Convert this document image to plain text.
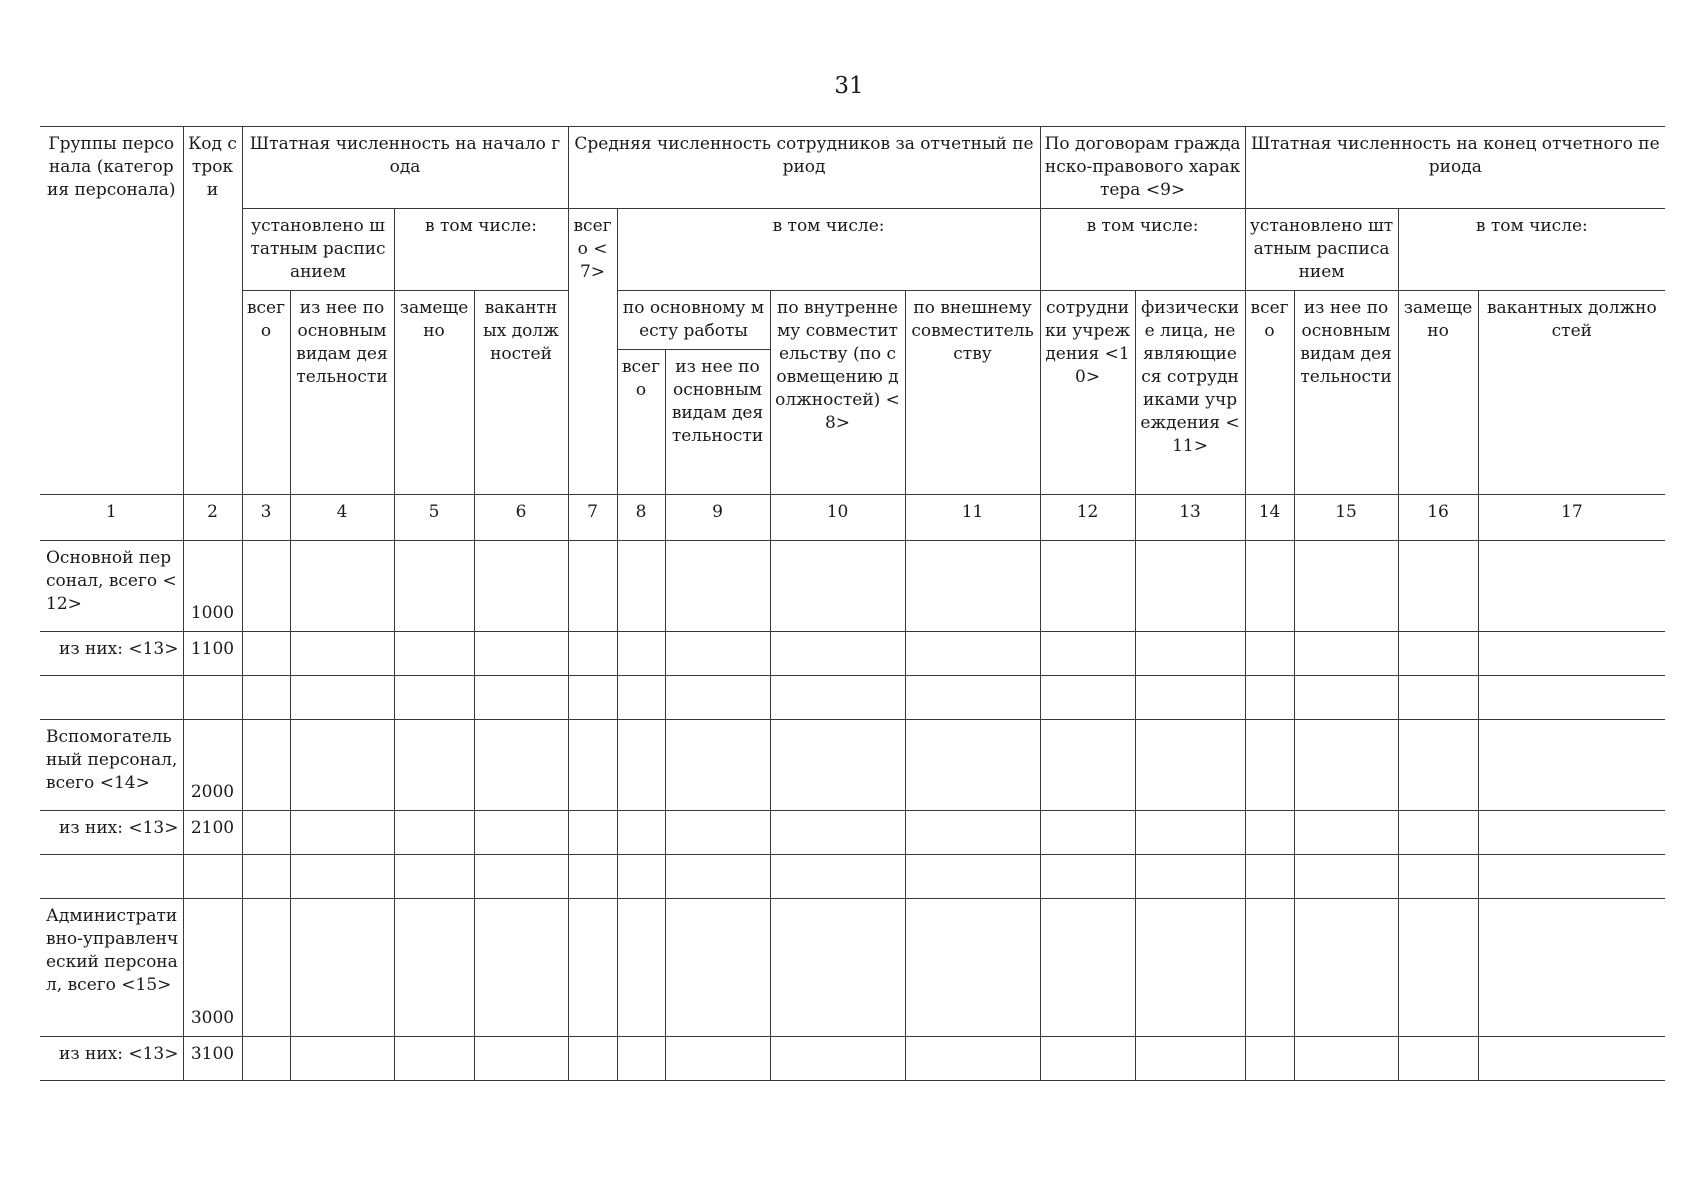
31
Группы персонала (категория персонала)	Код строки	Штатная численность на начало года				Средняя численность сотрудников за отчетный период					По договорам гражданско-правового характера <9>		Штатная численность на конец отчетного периода			
		установлено штатным расписанием		в том числе:		всего <7>	в том числе:				в том числе:		установлено штатным расписанием		в том числе:	
		всего	из нее по основным видам деятельности	замещено	вакантных должностей		по основному месту работы		по внутреннему совместительству (по совмещению должностей) <8>	по внешнему совместительству	сотрудники учреждения <10>	физические лица, не являющиеся сотрудниками учреждения <11>	всего	из нее по основным видам деятельности	замещено	вакантных должностей
							всего	из нее по основным видам деятельности								
1	2	3	4	5	6	7	8	9	10	11	12	13	14	15	16	17
Основной персонал, всего <12>	1000															
из них: <13>	1100															

Вспомогательный персонал, всего <14>	2000															
из них: <13>	2100															

Административно-управленческий персонал, всего <15>	3000															
из них: <13>	3100															
